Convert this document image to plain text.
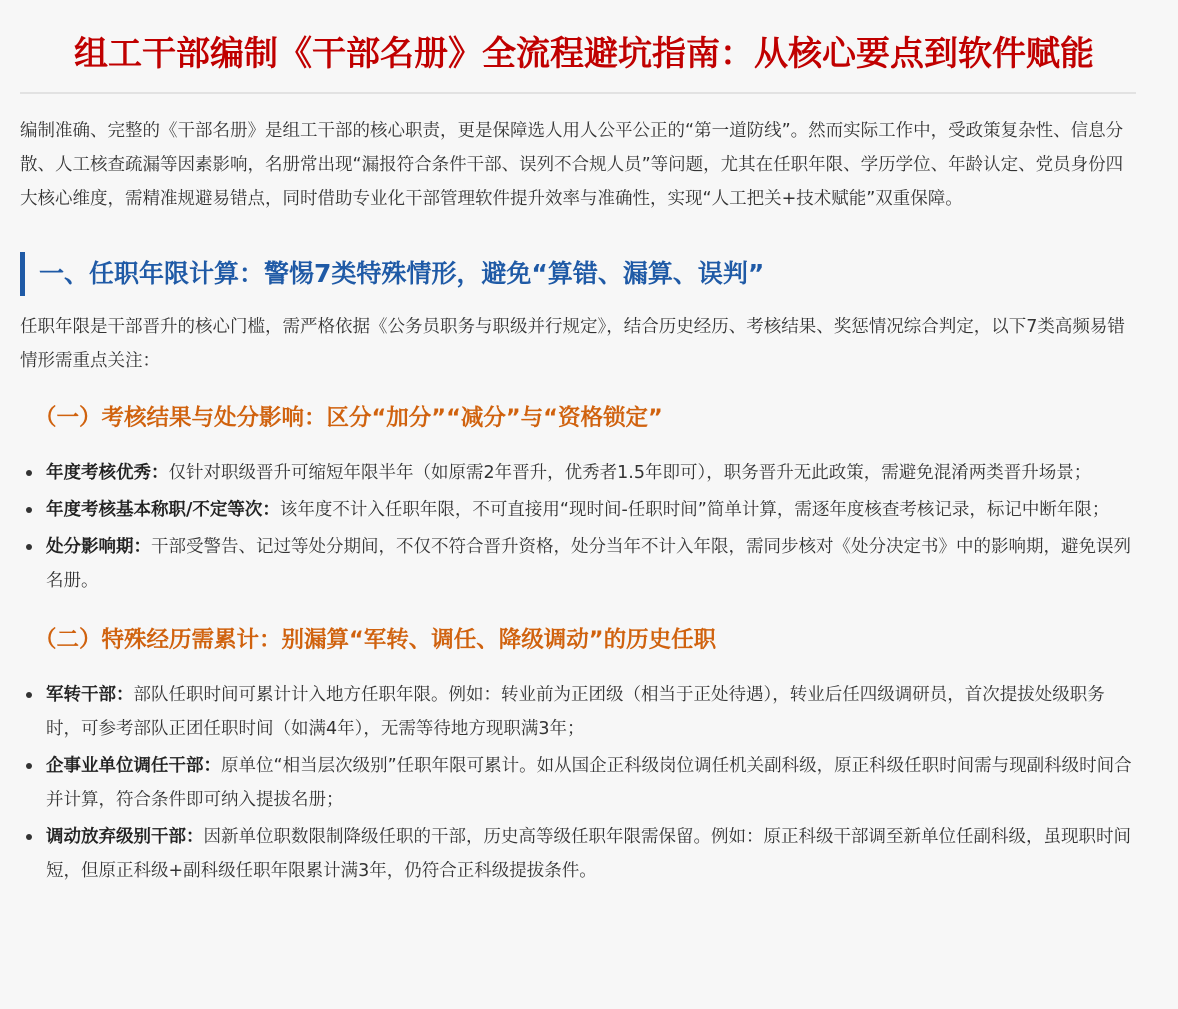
组工干部编制《干部名册》全流程避坑指南：从核心要点到软件赋能

编制准确、完整的《干部名册》是组工干部的核心职责，更是保障选人用人公平公正的“第一道防线”。然而实际工作中，受政策复杂性、信息分散、人工核查疏漏等因素影响，名册常出现“漏报符合条件干部、误列不合规人员”等问题，尤其在任职年限、学历学位、年龄认定、党员身份四大核心维度，需精准规避易错点，同时借助专业化干部管理软件提升效率与准确性，实现“人工把关+技术赋能”双重保障。

一、任职年限计算：警惕7类特殊情形，避免“算错、漏算、误判”

任职年限是干部晋升的核心门槛，需严格依据《公务员职务与职级并行规定》，结合历史经历、考核结果、奖惩情况综合判定，以下7类高频易错情形需重点关注：

（一）考核结果与处分影响：区分“加分”“减分”与“资格锁定”
年度考核优秀：仅针对职级晋升可缩短年限半年（如原需2年晋升，优秀者1.5年即可），职务晋升无此政策，需避免混淆两类晋升场景；
年度考核基本称职/不定等次：该年度不计入任职年限，不可直接用“现时间-任职时间”简单计算，需逐年度核查考核记录，标记中断年限；
处分影响期：干部受警告、记过等处分期间，不仅不符合晋升资格，处分当年不计入年限，需同步核对《处分决定书》中的影响期，避免误列名册。
（二）特殊经历需累计：别漏算“军转、调任、降级调动”的历史任职
军转干部：部队任职时间可累计计入地方任职年限。例如：转业前为正团级（相当于正处待遇），转业后任四级调研员，首次提拔处级职务时，可参考部队正团任职时间（如满4年），无需等待地方现职满3年；
企事业单位调任干部：原单位“相当层次级别”任职年限可累计。如从国企正科级岗位调任机关副科级，原正科级任职时间需与现副科级时间合并计算，符合条件即可纳入提拔名册；
调动放弃级别干部：因新单位职数限制降级任职的干部，历史高等级任职年限需保留。例如：原正科级干部调至新单位任副科级，虽现职时间短，但原正科级+副科级任职年限累计满3年，仍符合正科级提拔条件。
